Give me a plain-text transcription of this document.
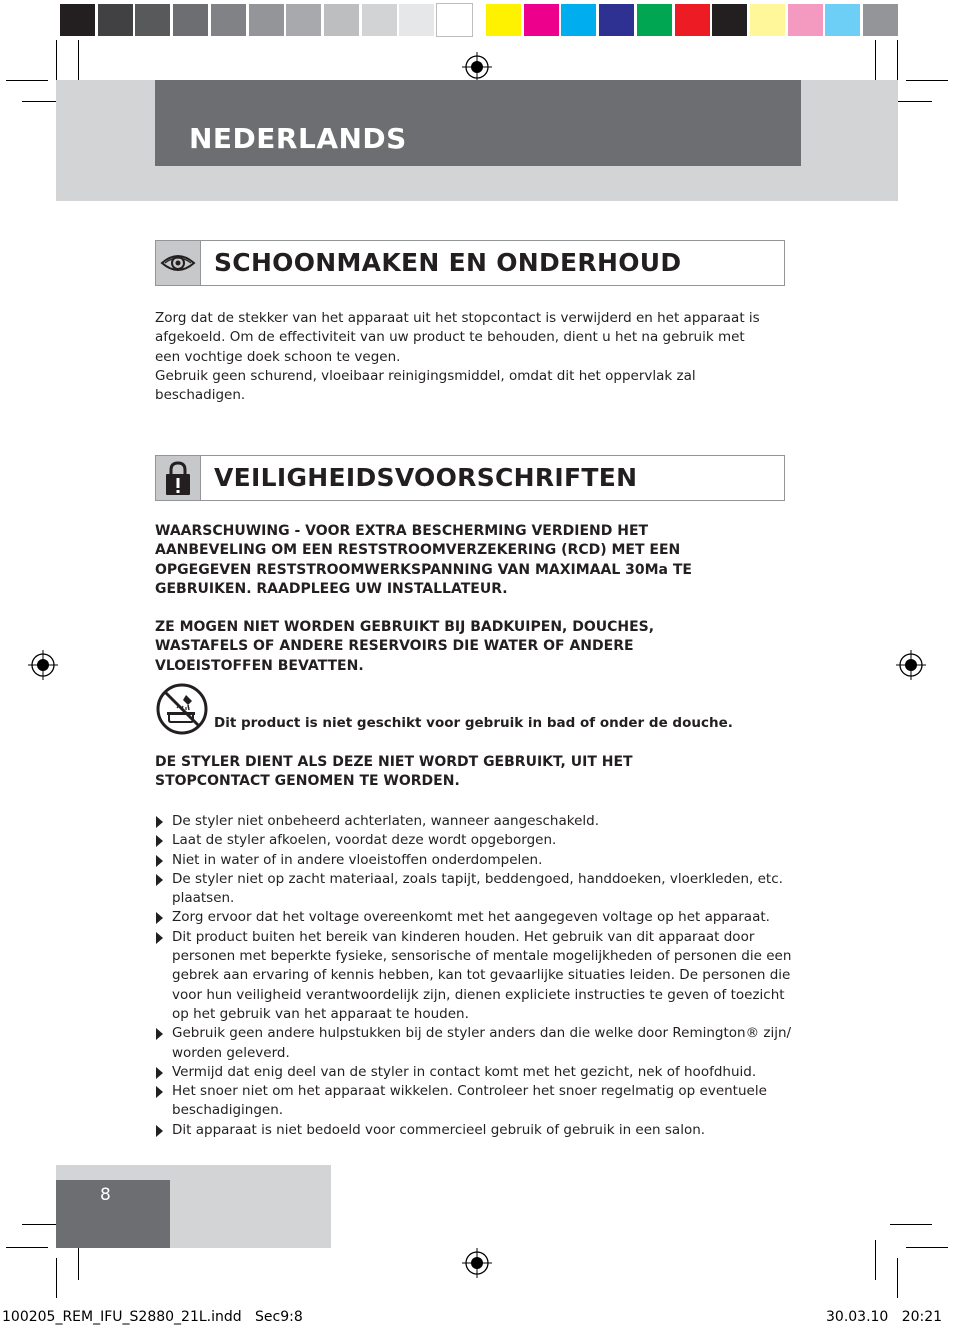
NEDERLANDS
SCHOONMAKEN EN ONDERHOUD
Zorg dat de stekker van het apparaat uit het stopcontact is verwijderd en het apparaat is
afgekoeld. Om de effectiviteit van uw product te behouden, dient u het na gebruik met
een vochtige doek schoon te vegen.
Gebruik geen schurend, vloeibaar reinigingsmiddel, omdat dit het oppervlak zal
beschadigen.
VEILIGHEIDSVOORSCHRIFTEN
WAARSCHUWING - VOOR EXTRA BESCHERMING VERDIEND HET
AANBEVELING OM EEN RESTSTROOMVERZEKERING (RCD) MET EEN
OPGEGEVEN RESTSTROOMWERKSPANNING VAN MAXIMAAL 30Ma TE
GEBRUIKEN. RAADPLEEG UW INSTALLATEUR.
ZE MOGEN NIET WORDEN GEBRUIKT BIJ BADKUIPEN, DOUCHES,
WASTAFELS OF ANDERE RESERVOIRS DIE WATER OF ANDERE
VLOEISTOFFEN BEVATTEN.
Dit product is niet geschikt voor gebruik in bad of onder de douche.
DE STYLER DIENT ALS DEZE NIET WORDT GEBRUIKT, UIT HET
STOPCONTACT GENOMEN TE WORDEN.
De styler niet onbeheerd achterlaten, wanneer aangeschakeld.
Laat de styler afkoelen, voordat deze wordt opgeborgen.
Niet in water of in andere vloeistoffen onderdompelen.
De styler niet op zacht materiaal, zoals tapijt, beddengoed, handdoeken, vloerkleden, etc. plaatsen.
Zorg ervoor dat het voltage overeenkomt met het aangegeven voltage op het apparaat.
Dit product buiten het bereik van kinderen houden. Het gebruik van dit apparaat door personen met beperkte fysieke, sensorische of mentale mogelijkheden of personen die een gebrek aan ervaring of kennis hebben, kan tot gevaarlijke situaties leiden. De personen die voor hun veiligheid verantwoordelijk zijn, dienen expliciete instructies te geven of toezicht op het gebruik van het apparaat te houden.
Gebruik geen andere hulpstukken bij de styler anders dan die welke door Remington® zijn/ worden geleverd.
Vermijd dat enig deel van de styler in contact komt met het gezicht, nek of hoofdhuid.
Het snoer niet om het apparaat wikkelen. Controleer het snoer regelmatig op eventuele beschadigingen.
Dit apparaat is niet bedoeld voor commercieel gebruik of gebruik in een salon.
8
100205_REM_IFU_S2880_21L.indd   Sec9:8	30.03.10   20:21
